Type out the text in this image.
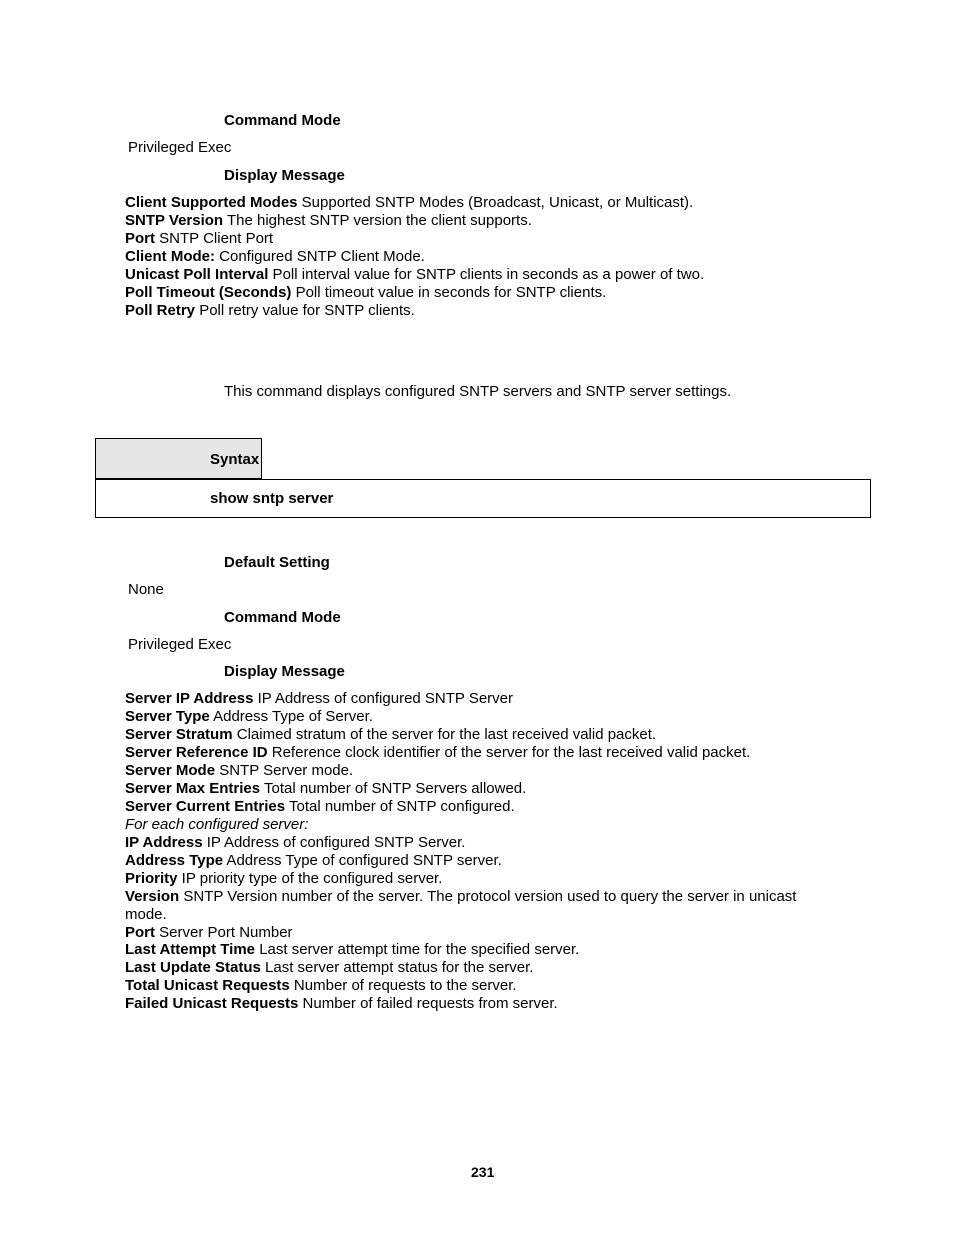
Command Mode
Privileged Exec
Display Message
Client Supported Modes Supported SNTP Modes (Broadcast, Unicast, or Multicast).
SNTP Version The highest SNTP version the client supports.
Port SNTP Client Port
Client Mode: Configured SNTP Client Mode.
Unicast Poll Interval Poll interval value for SNTP clients in seconds as a power of two.
Poll Timeout (Seconds) Poll timeout value in seconds for SNTP clients.
Poll Retry Poll retry value for SNTP clients.
This command displays configured SNTP servers and SNTP server settings.
Syntax
show sntp server
Default Setting
None
Command Mode
Privileged Exec
Display Message
Server IP Address IP Address of configured SNTP Server
Server Type Address Type of Server.
Server Stratum Claimed stratum of the server for the last received valid packet.
Server Reference ID Reference clock identifier of the server for the last received valid packet.
Server Mode SNTP Server mode.
Server Max Entries Total number of SNTP Servers allowed.
Server Current Entries Total number of SNTP configured.
For each configured server:
IP Address IP Address of configured SNTP Server.
Address Type Address Type of configured SNTP server.
Priority IP priority type of the configured server.
Version SNTP Version number of the server. The protocol version used to query the server in unicast
mode.
Port Server Port Number
Last Attempt Time Last server attempt time for the specified server.
Last Update Status Last server attempt status for the server.
Total Unicast Requests Number of requests to the server.
Failed Unicast Requests Number of failed requests from server.
231
